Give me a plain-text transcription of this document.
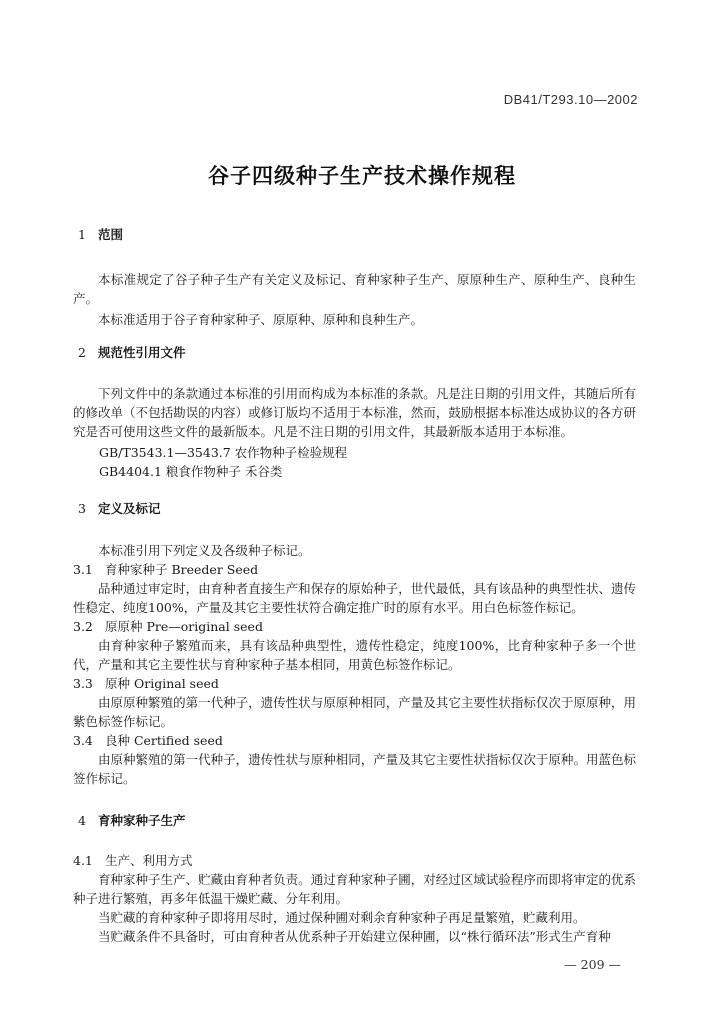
DB41/T293.10—2002
谷子四级种子生产技术操作规程
1 范围

本标准规定了谷子种子生产有关定义及标记、育种家种子生产、原原种生产、原种生产、良种生产。

本标准适用于谷子育种家种子、原原种、原种和良种生产。

2 规范性引用文件

下列文件中的条款通过本标准的引用而构成为本标准的条款。凡是注日期的引用文件，其随后所有的修改单（不包括勘误的内容）或修订版均不适用于本标准，然而，鼓励根据本标准达成协议的各方研究是否可使用这些文件的最新版本。凡是不注日期的引用文件，其最新版本适用于本标准。

GB/T3543.1—3543.7 农作物种子检验规程
GB4404.1 粮食作物种子 禾谷类
3 定义及标记

本标准引用下列定义及各级种子标记。

3.1 育种家种子 Breeder Seed

品种通过审定时，由育种者直接生产和保存的原始种子，世代最低，具有该品种的典型性状、遗传性稳定、纯度100%，产量及其它主要性状符合确定推广时的原有水平。用白色标签作标记。

3.2 原原种 Pre—original seed

由育种家种子繁殖而来，具有该品种典型性，遗传性稳定，纯度100%，比育种家种子多一个世代，产量和其它主要性状与育种家种子基本相同，用黄色标签作标记。

3.3 原种 Original seed

由原原种繁殖的第一代种子，遗传性状与原原种相同，产量及其它主要性状指标仅次于原原种，用紫色标签作标记。

3.4 良种 Certified seed

由原种繁殖的第一代种子，遗传性状与原种相同，产量及其它主要性状指标仅次于原种。用蓝色标签作标记。

4 育种家种子生产
4.1 生产、利用方式

育种家种子生产、贮藏由育种者负责。通过育种家种子圃，对经过区域试验程序而即将审定的优系种子进行繁殖，再多年低温干燥贮藏、分年利用。

当贮藏的育种家种子即将用尽时，通过保种圃对剩余育种家种子再足量繁殖，贮藏利用。

当贮藏条件不具备时，可由育种者从优系种子开始建立保种圃，以“株行循环法”形式生产育种

— 209 —
